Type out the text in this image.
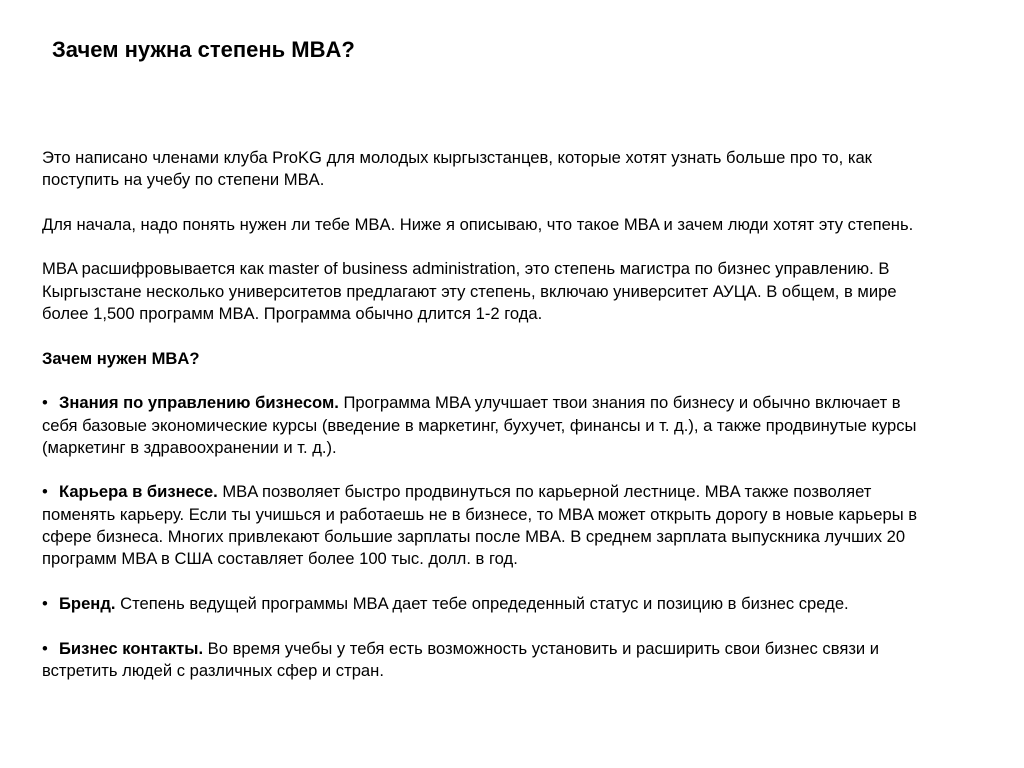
Зачем нужна степень MBA?

Это написано членами клуба ProKG для молодых кыргызстанцев, которые хотят узнать больше про то, как поступить на учебу по степени MBA.

Для начала, надо понять нужен ли тебе MBA. Ниже я описываю, что такое MBA и зачем люди хотят эту степень.

MBA расшифровывается как master of business administration, это степень магистра по бизнес управлению. В Кыргызстане несколько университетов предлагают эту степень, включаю университет АУЦА. В общем, в мире более 1,500 программ MBA. Программа обычно длится 1-2 года.

Зачем нужен MBA?

• Знания по управлению бизнесом. Программа MBA улучшает твои знания по бизнесу и обычно включает в себя базовые экономические курсы (введение в маркетинг, бухучет, финансы и т. д.), а также продвинутые курсы (маркетинг в здравоохранении и т. д.).

• Карьера в бизнесе. MBA позволяет быстро продвинуться по карьерной лестнице. MBA также позволяет поменять карьеру. Если ты учишься и работаешь не в бизнесе, то MBA может открыть дорогу в новые карьеры в сфере бизнеса. Многих привлекают большие зарплаты после MBA. В среднем зарплата выпускника лучших 20 программ MBA в США составляет более 100 тыс. долл. в год.

• Бренд. Степень ведущей программы MBA дает тебе опредеденный статус и позицию в бизнес среде.

• Бизнес контакты. Во время учебы у тебя есть возможность установить и расширить свои бизнес связи и встретить людей с различных сфер и стран.
